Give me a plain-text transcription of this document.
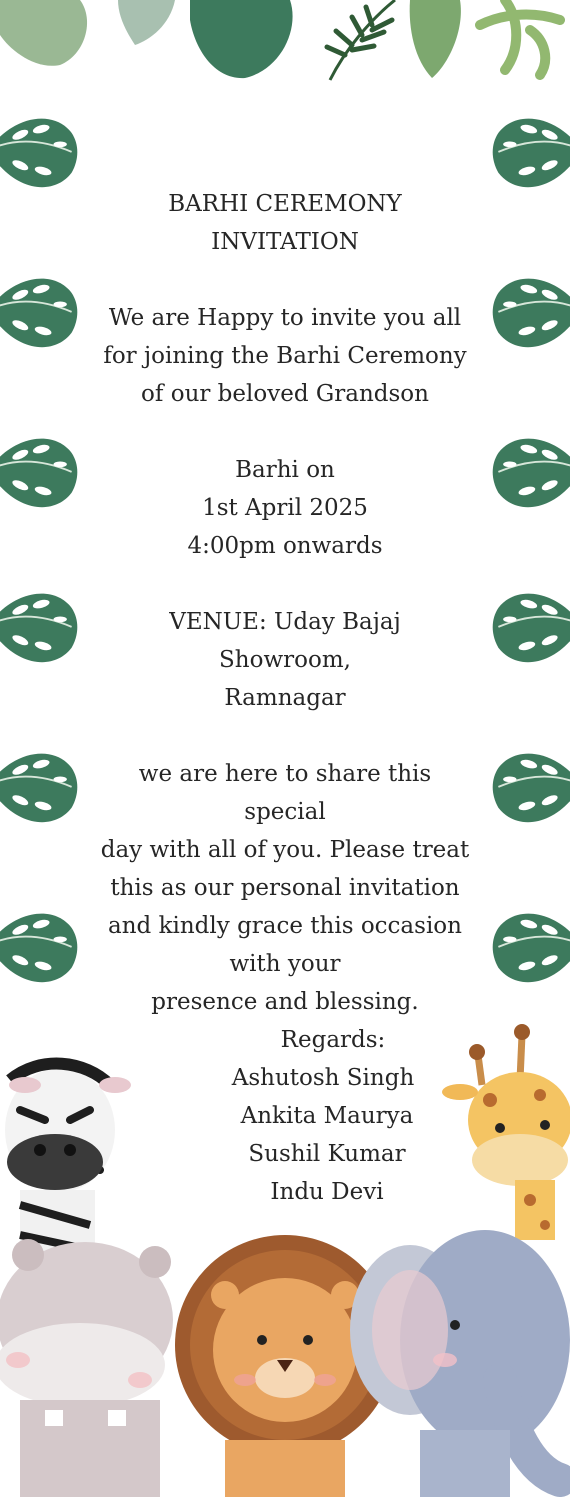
BARHI CEREMONY
INVITATION
We are Happy to invite you all
for joining the Barhi Ceremony
of our beloved Grandson
Barhi on
1st April 2025
4:00pm onwards
VENUE: Uday Bajaj Showroom,
Ramnagar
we are here to share this special
day with all of you. Please treat
this as our personal invitation
and kindly grace this occasion
with your
presence and blessing.
Regards:
Ashutosh Singh
Ankita Maurya
Sushil Kumar
Indu Devi
